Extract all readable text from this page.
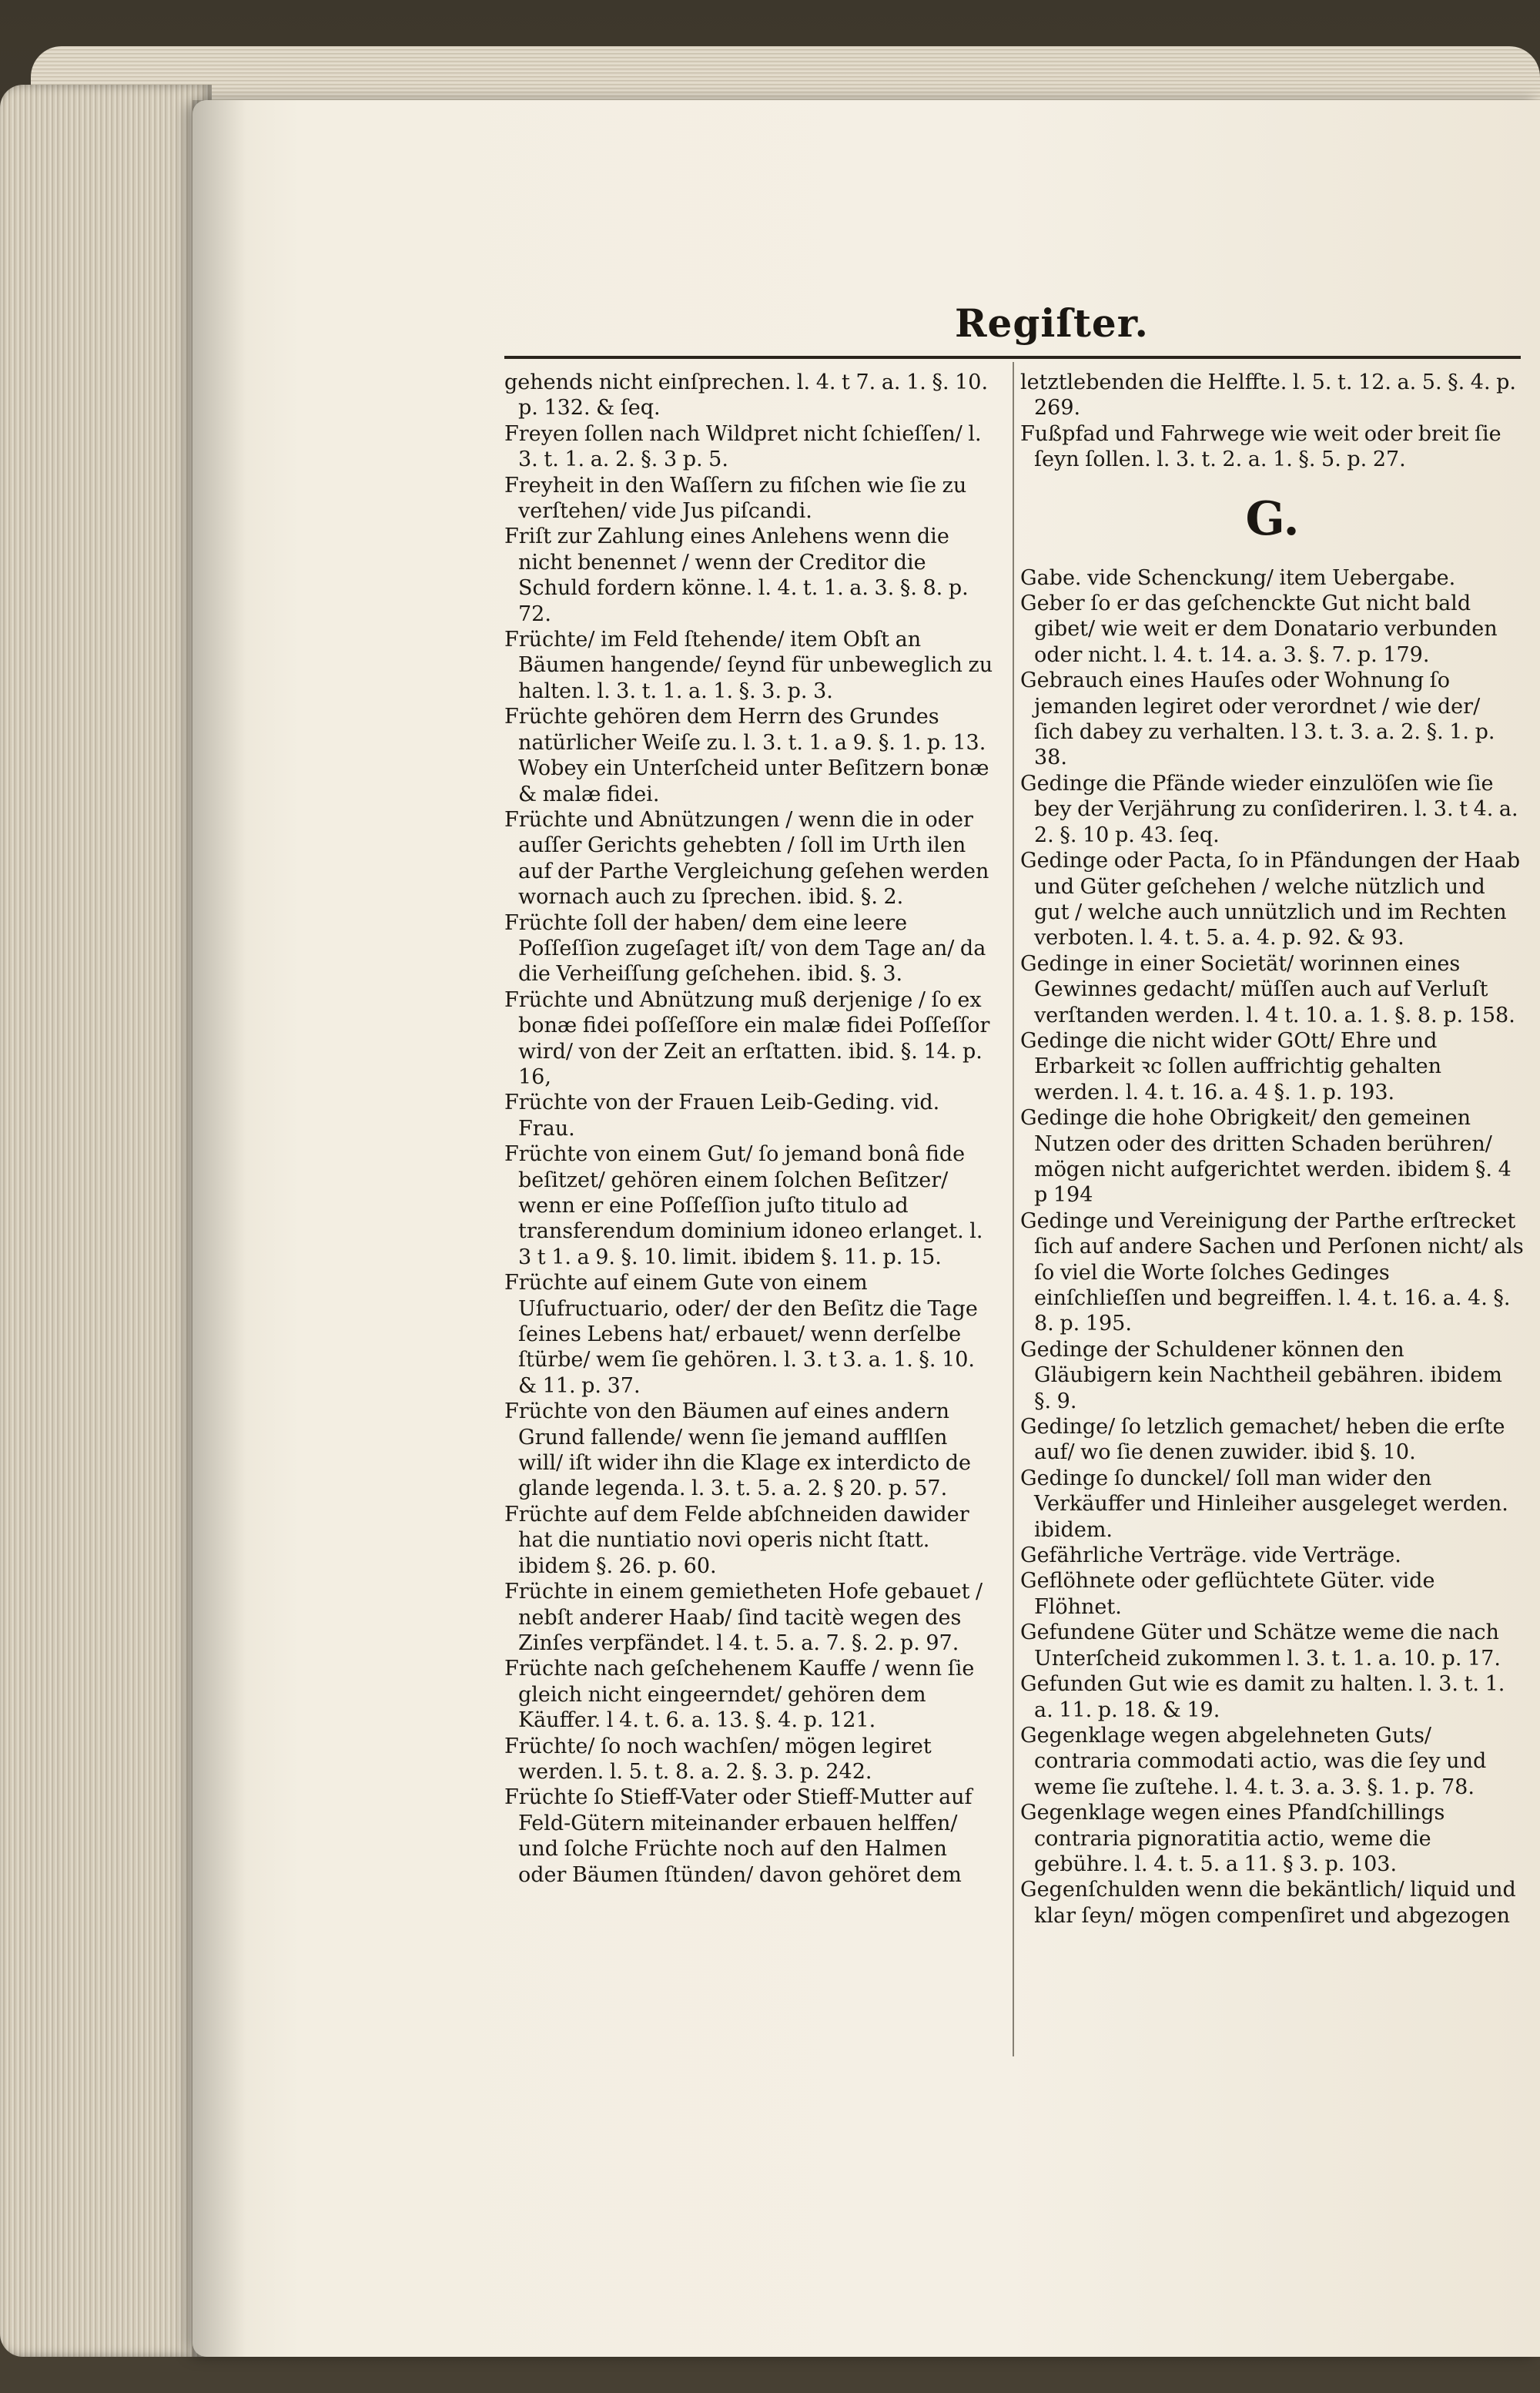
Regiſter.

gehends nicht einſprechen. l. 4. t 7. a. 1. §. 10. p. 132. & ſeq.

Freyen ſollen nach Wildpret nicht ſchieſſen/ l. 3. t. 1. a. 2. §. 3 p. 5.

Freyheit in den Waſſern zu fiſchen wie ſie zu verſtehen/ vide Jus piſcandi.

Friſt zur Zahlung eines Anlehens wenn die nicht benennet / wenn der Creditor die Schuld fordern könne. l. 4. t. 1. a. 3. §. 8. p. 72.

Früchte/ im Feld ſtehende/ item Obſt an Bäumen hangende/ ſeynd für unbeweglich zu halten. l. 3. t. 1. a. 1. §. 3. p. 3.

Früchte gehören dem Herrn des Grundes natürlicher Weiſe zu. l. 3. t. 1. a 9. §. 1. p. 13. Wobey ein Unterſcheid unter Beſitzern bonæ & malæ fidei.

Früchte und Abnützungen / wenn die in oder auſſer Gerichts gehebten / ſoll im Urth ilen auf der Parthe Vergleichung geſehen werden wornach auch zu ſprechen. ibid. §. 2.

Früchte ſoll der haben/ dem eine leere Poſſeſſion zugeſaget iſt/ von dem Tage an/ da die Verheiſſung geſchehen. ibid. §. 3.

Früchte und Abnützung muß derjenige / ſo ex bonæ fidei poſſeſſore ein malæ fidei Poſſeſſor wird/ von der Zeit an erſtatten. ibid. §. 14. p. 16,

Früchte von der Frauen Leib-Geding. vid. Frau.

Früchte von einem Gut/ ſo jemand bonâ fide beſitzet/ gehören einem ſolchen Beſitzer/ wenn er eine Poſſeſſion juſto titulo ad transferendum dominium idoneo erlanget. l. 3 t 1. a 9. §. 10. limit. ibidem §. 11. p. 15.

Früchte auf einem Gute von einem Uſufructuario, oder/ der den Beſitz die Tage ſeines Lebens hat/ erbauet/ wenn derſelbe ſtürbe/ wem ſie gehören. l. 3. t 3. a. 1. §. 10. & 11. p. 37.

Früchte von den Bäumen auf eines andern Grund fallende/ wenn ſie jemand aufflſen will/ iſt wider ihn die Klage ex interdicto de glande legenda. l. 3. t. 5. a. 2. § 20. p. 57.

Früchte auf dem Felde abſchneiden dawider hat die nuntiatio novi operis nicht ſtatt. ibidem §. 26. p. 60.

Früchte in einem gemietheten Hofe gebauet / nebſt anderer Haab/ ſind tacitè wegen des Zinſes verpfändet. l 4. t. 5. a. 7. §. 2. p. 97.

Früchte nach geſchehenem Kauffe / wenn ſie gleich nicht eingeerndet/ gehören dem Käuffer. l 4. t. 6. a. 13. §. 4. p. 121.

Früchte/ ſo noch wachſen/ mögen legiret werden. l. 5. t. 8. a. 2. §. 3. p. 242.

Früchte ſo Stieff-Vater oder Stieff-Mutter auf Feld-Gütern miteinander erbauen helffen/ und ſolche Früchte noch auf den Halmen oder Bäumen ſtünden/ davon gehöret dem

letztlebenden die Helffte. l. 5. t. 12. a. 5. §. 4. p. 269.

Fußpfad und Fahrwege wie weit oder breit ſie ſeyn ſollen. l. 3. t. 2. a. 1. §. 5. p. 27.

G.

Gabe. vide Schenckung/ item Uebergabe.

Geber ſo er das geſchenckte Gut nicht bald gibet/ wie weit er dem Donatario verbunden oder nicht. l. 4. t. 14. a. 3. §. 7. p. 179.

Gebrauch eines Hauſes oder Wohnung ſo jemanden legiret oder verordnet / wie der/ ſich dabey zu verhalten. l 3. t. 3. a. 2. §. 1. p. 38.

Gedinge die Pfände wieder einzulöſen wie ſie bey der Verjährung zu conſideriren. l. 3. t 4. a. 2. §. 10 p. 43. ſeq.

Gedinge oder Pacta, ſo in Pfändungen der Haab und Güter geſchehen / welche nützlich und gut / welche auch unnützlich und im Rechten verboten. l. 4. t. 5. a. 4. p. 92. & 93.

Gedinge in einer Societät/ worinnen eines Gewinnes gedacht/ müſſen auch auf Verluſt verſtanden werden. l. 4 t. 10. a. 1. §. 8. p. 158.

Gedinge die nicht wider GOtt/ Ehre und Erbarkeit ꝛc ſollen auffrichtig gehalten werden. l. 4. t. 16. a. 4 §. 1. p. 193.

Gedinge die hohe Obrigkeit/ den gemeinen Nutzen oder des dritten Schaden berühren/ mögen nicht aufgerichtet werden. ibidem §. 4 p 194

Gedinge und Vereinigung der Parthe erſtrecket ſich auf andere Sachen und Perſonen nicht/ als ſo viel die Worte ſolches Gedinges einſchlieſſen und begreiffen. l. 4. t. 16. a. 4. §. 8. p. 195.

Gedinge der Schuldener können den Gläubigern kein Nachtheil gebähren. ibidem §. 9.

Gedinge/ ſo letzlich gemachet/ heben die erſte auf/ wo ſie denen zuwider. ibid §. 10.

Gedinge ſo dunckel/ ſoll man wider den Verkäuffer und Hinleiher ausgeleget werden. ibidem.

Gefährliche Verträge. vide Verträge.

Geflöhnete oder geflüchtete Güter. vide Flöhnet.

Gefundene Güter und Schätze weme die nach Unterſcheid zukommen l. 3. t. 1. a. 10. p. 17.

Gefunden Gut wie es damit zu halten. l. 3. t. 1. a. 11. p. 18. & 19.

Gegenklage wegen abgelehneten Guts/ contraria commodati actio, was die ſey und weme ſie zuſtehe. l. 4. t. 3. a. 3. §. 1. p. 78.

Gegenklage wegen eines Pfandſchillings contraria pignoratitia actio, weme die gebühre. l. 4. t. 5. a 11. § 3. p. 103.

Gegenſchulden wenn die bekäntlich/ liquid und klar ſeyn/ mögen compenſiret und abgezogen
